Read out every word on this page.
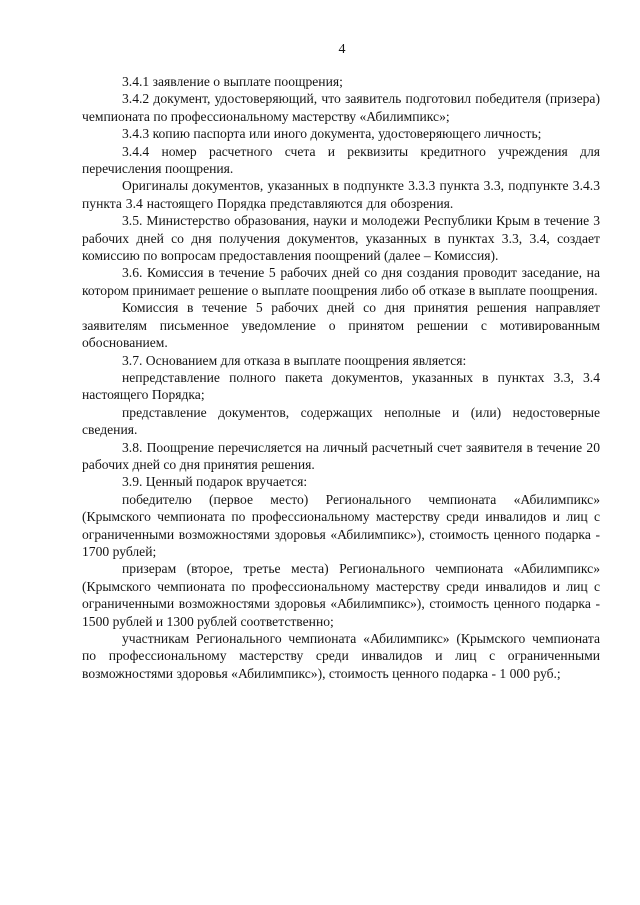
4

3.4.1 заявление о выплате поощрения;

3.4.2 документ, удостоверяющий, что заявитель подготовил победителя (призера) чемпионата по профессиональному мастерству «Абилимпикс»;

3.4.3 копию паспорта или иного документа, удостоверяющего личность;

3.4.4 номер расчетного счета и реквизиты кредитного учреждения для перечисления поощрения.

Оригиналы документов, указанных в подпункте 3.3.3 пункта 3.3, подпункте 3.4.3 пункта 3.4 настоящего Порядка представляются для обозрения.

3.5. Министерство образования, науки и молодежи Республики Крым в течение 3 рабочих дней со дня получения документов, указанных в пунктах 3.3, 3.4, создает комиссию по вопросам предоставления поощрений (далее – Комиссия).

3.6. Комиссия в течение 5 рабочих дней со дня создания проводит заседание, на котором принимает решение о выплате поощрения либо об отказе в выплате поощрения.

Комиссия в течение 5 рабочих дней со дня принятия решения направляет заявителям письменное уведомление о принятом решении с мотивированным обоснованием.

3.7. Основанием для отказа в выплате поощрения является:

непредставление полного пакета документов, указанных в пунктах 3.3, 3.4 настоящего Порядка;

представление документов, содержащих неполные и (или) недостоверные сведения.

3.8. Поощрение перечисляется на личный расчетный счет заявителя в течение 20 рабочих дней со дня принятия решения.

3.9. Ценный подарок вручается:

победителю (первое место) Регионального чемпионата «Абилимпикс» (Крымского чемпионата по профессиональному мастерству среди инвалидов и лиц с ограниченными возможностями здоровья «Абилимпикс»), стоимость ценного подарка - 1700 рублей;

призерам (второе, третье места) Регионального чемпионата «Абилимпикс» (Крымского чемпионата по профессиональному мастерству среди инвалидов и лиц с ограниченными возможностями здоровья «Абилимпикс»), стоимость ценного подарка - 1500 рублей и 1300 рублей соответственно;

участникам Регионального чемпионата «Абилимпикс» (Крымского чемпионата по профессиональному мастерству среди инвалидов и лиц с ограниченными возможностями здоровья «Абилимпикс»), стоимость ценного подарка - 1 000 руб.;
